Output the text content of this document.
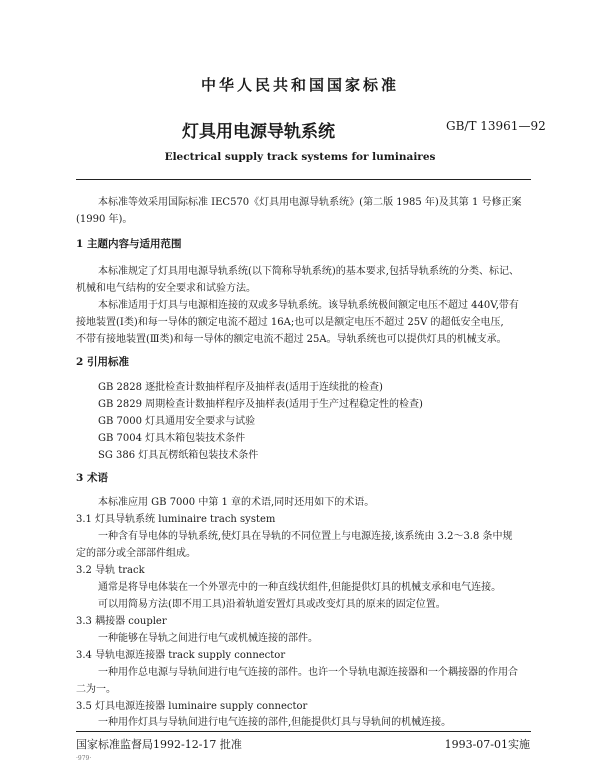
中华人民共和国国家标准
灯具用电源导轨系统	GB/T 13961—92
Electrical supply track systems for luminaires
本标准等效采用国际标准 IEC570《灯具用电源导轨系统》(第二版 1985 年)及其第 1 号修正案
(1990 年)。
1 主题内容与适用范围
本标准规定了灯具用电源导轨系统(以下简称导轨系统)的基本要求,包括导轨系统的分类、标记、
机械和电气结构的安全要求和试验方法。
本标准适用于灯具与电源相连接的双或多导轨系统。该导轨系统极间额定电压不超过 440V,带有
接地装置(Ⅰ类)和每一导体的额定电流不超过 16A;也可以是额定电压不超过 25V 的超低安全电压,
不带有接地装置(Ⅲ类)和每一导体的额定电流不超过 25A。导轨系统也可以提供灯具的机械支承。
2 引用标准
GB 2828 逐批检查计数抽样程序及抽样表(适用于连续批的检查)
GB 2829 周期检查计数抽样程序及抽样表(适用于生产过程稳定性的检查)
GB 7000 灯具通用安全要求与试验
GB 7004 灯具木箱包装技术条件
SG 386 灯具瓦楞纸箱包装技术条件
3 术语
本标准应用 GB 7000 中第 1 章的术语,同时还用如下的术语。
3.1 灯具导轨系统 luminaire trach system
一种含有导电体的导轨系统,使灯具在导轨的不同位置上与电源连接,该系统由 3.2～3.8 条中规
定的部分或全部部件组成。
3.2 导轨 track
通常是将导电体装在一个外罩壳中的一种直线状组件,但能提供灯具的机械支承和电气连接。
可以用简易方法(即不用工具)沿着轨道安置灯具或改变灯具的原来的固定位置。
3.3 耦接器 coupler
一种能够在导轨之间进行电气或机械连接的部件。
3.4 导轨电源连接器 track supply connector
一种用作总电源与导轨间进行电气连接的部件。也许一个导轨电源连接器和一个耦接器的作用合
二为一。
3.5 灯具电源连接器 luminaire supply connector
一种用作灯具与导轨间进行电气连接的部件,但能提供灯具与导轨间的机械连接。
国家标准监督局1992-12-17 批准	1993-07-01实施
·979·
